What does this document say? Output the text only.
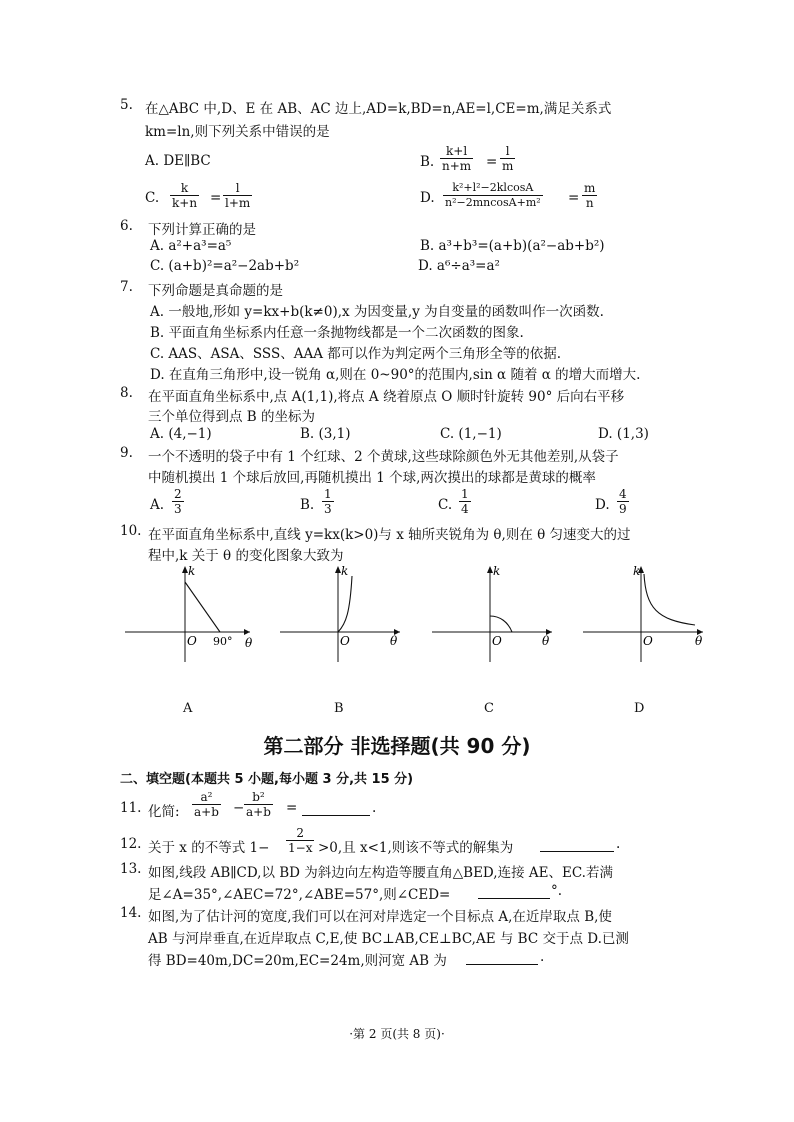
5. 在△ABC 中,D、E 在 AB、AC 边上,AD=k,BD=n,AE=l,CE=m,满足关系式
km=ln,则下列关系中错误的是
A. DE∥BC	B. $\frac{k+l}{n+m} = \frac{l}{m}$
C. $\frac{k}{k+n} = \frac{l}{l+m}$	D. $\frac{\text{k²+l²−2klcosA}}{\text{n²−2mncosA+m²}} = \frac{m}{n}$
6. 下列计算正确的是
A. a²+a³=a⁵	B. a³+b³=(a+b)(a²−ab+b²)
C. (a+b)²=a²−2ab+b²	D. a⁶÷a³=a²
7. 下列命题是真命题的是
A. 一般地,形如 y=kx+b(k≠0),x 为因变量,y 为自变量的函数叫作一次函数.
B. 平面直角坐标系内任意一条抛物线都是一个二次函数的图象.
C. AAS、ASA、SSS、AAA 都可以作为判定两个三角形全等的依据.
D. 在直角三角形中,设一锐角 α,则在 0~90°的范围内,sin α 随着 α 的增大而增大.
8. 在平面直角坐标系中,点 A(1,1),将点 A 绕着原点 O 顺时针旋转 90° 后向右平移
三个单位得到点 B 的坐标为
A. (4,−1)	B. (3,1)	C. (1,−1)	D. (1,3)
9. 一个不透明的袋子中有 1 个红球、2 个黄球,这些球除颜色外无其他差别,从袋子
中随机摸出 1 个球后放回,再随机摸出 1 个球,两次摸出的球都是黄球的概率
A. $\frac{2}{3}$	B. $\frac{1}{3}$	C. $\frac{1}{4}$	D. $\frac{4}{9}$
10. 在平面直角坐标系中,直线 y=kx(k>0)与 x 轴所夹锐角为 θ,则在 θ 匀速变大的过
程中,k 关于 θ 的变化图象大致为
k
θ
O 90°
k
θ
O
k
θ
O
k
θ
O
A	B	C	D
第二部分 非选择题(共 90 分)
二、填空题(本题共 5 小题,每小题 3 分,共 15 分)
11. 化简: $\frac{\text{a²}}{a+b} - \frac{\text{b²}}{a+b}$ =	.
12. 关于 x 的不等式 $1- \frac{2}{1-x} >0$,且 x<1,则该不等式的解集为	.
13. 如图,线段 AB∥CD,以 BD 为斜边向左构造等腰直角△BED,连接 AE、EC.若满
足∠A=35°,∠AEC=72°,∠ABE=57°,则∠CED=	°.
14. 如图,为了估计河的宽度,我们可以在河对岸选定一个目标点 A,在近岸取点 B,使
AB 与河岸垂直,在近岸取点 C,E,使 BC⊥AB,CE⊥BC,AE 与 BC 交于点 D.已测
得 BD=40m,DC=20m,EC=24m,则河宽 AB 为	.
·第 2 页(共 8 页)·
